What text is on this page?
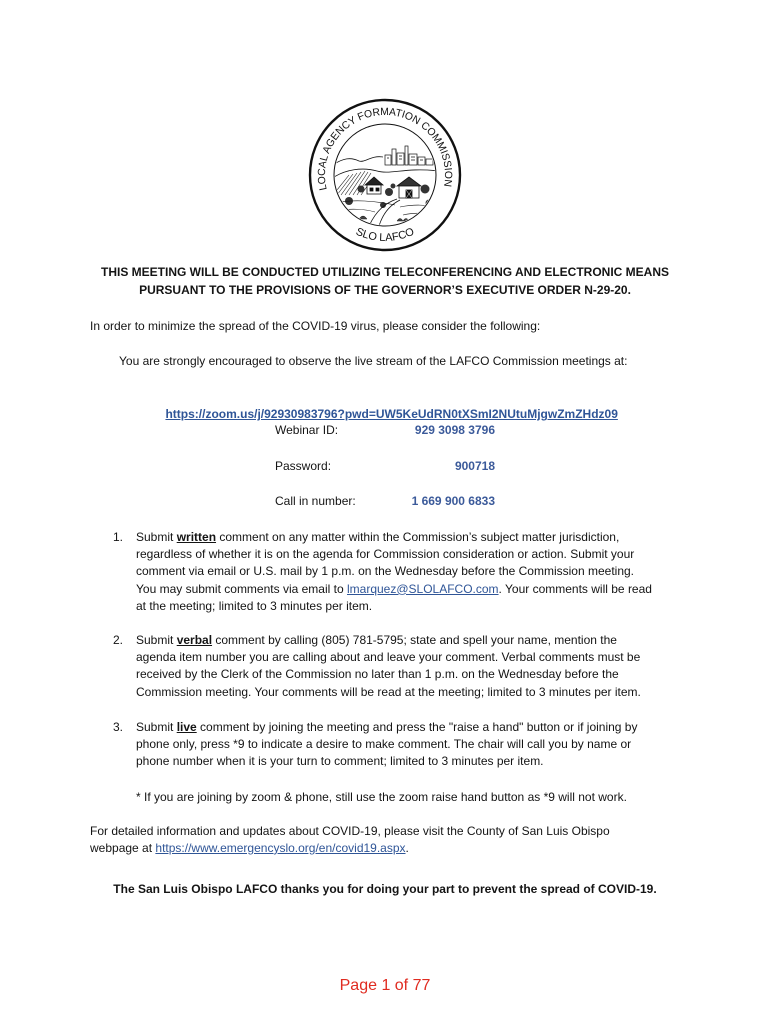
LOCAL AGENCY FORMATION COMMISSION
SLO LAFCO
THIS MEETING WILL BE CONDUCTED UTILIZING TELECONFERENCING AND ELECTRONIC MEANS
PURSUANT TO THE PROVISIONS OF THE GOVERNOR’S EXECUTIVE ORDER N-29-20.
In order to minimize the spread of the COVID-19 virus, please consider the following:
You are strongly encouraged to observe the live stream of the LAFCO Commission meetings at:

https://zoom.us/j/92930983796?pwd=UW5KeUdRN0tXSmI2NUtuMjgwZmZHdz09

Webinar ID:	929 3098 3796
Password:	900718
Call in number:	1 669 900 6833
1. Submit written comment on any matter within the Commission’s subject matter jurisdiction,
regardless of whether it is on the agenda for Commission consideration or action. Submit your
comment via email or U.S. mail by 1 p.m. on the Wednesday before the Commission meeting.
You may submit comments via email to lmarquez@SLOLAFCO.com. Your comments will be read
at the meeting; limited to 3 minutes per item.
2. Submit verbal comment by calling (805) 781-5795; state and spell your name, mention the
agenda item number you are calling about and leave your comment. Verbal comments must be
received by the Clerk of the Commission no later than 1 p.m. on the Wednesday before the
Commission meeting. Your comments will be read at the meeting; limited to 3 minutes per item.
3. Submit live comment by joining the meeting and press the "raise a hand" button or if joining by
phone only, press *9 to indicate a desire to make comment. The chair will call you by name or
phone number when it is your turn to comment; limited to 3 minutes per item.
* If you are joining by zoom & phone, still use the zoom raise hand button as *9 will not work.
For detailed information and updates about COVID-19, please visit the County of San Luis Obispo
webpage at https://www.emergencyslo.org/en/covid19.aspx.
The San Luis Obispo LAFCO thanks you for doing your part to prevent the spread of COVID-19.
Page 1 of 77
